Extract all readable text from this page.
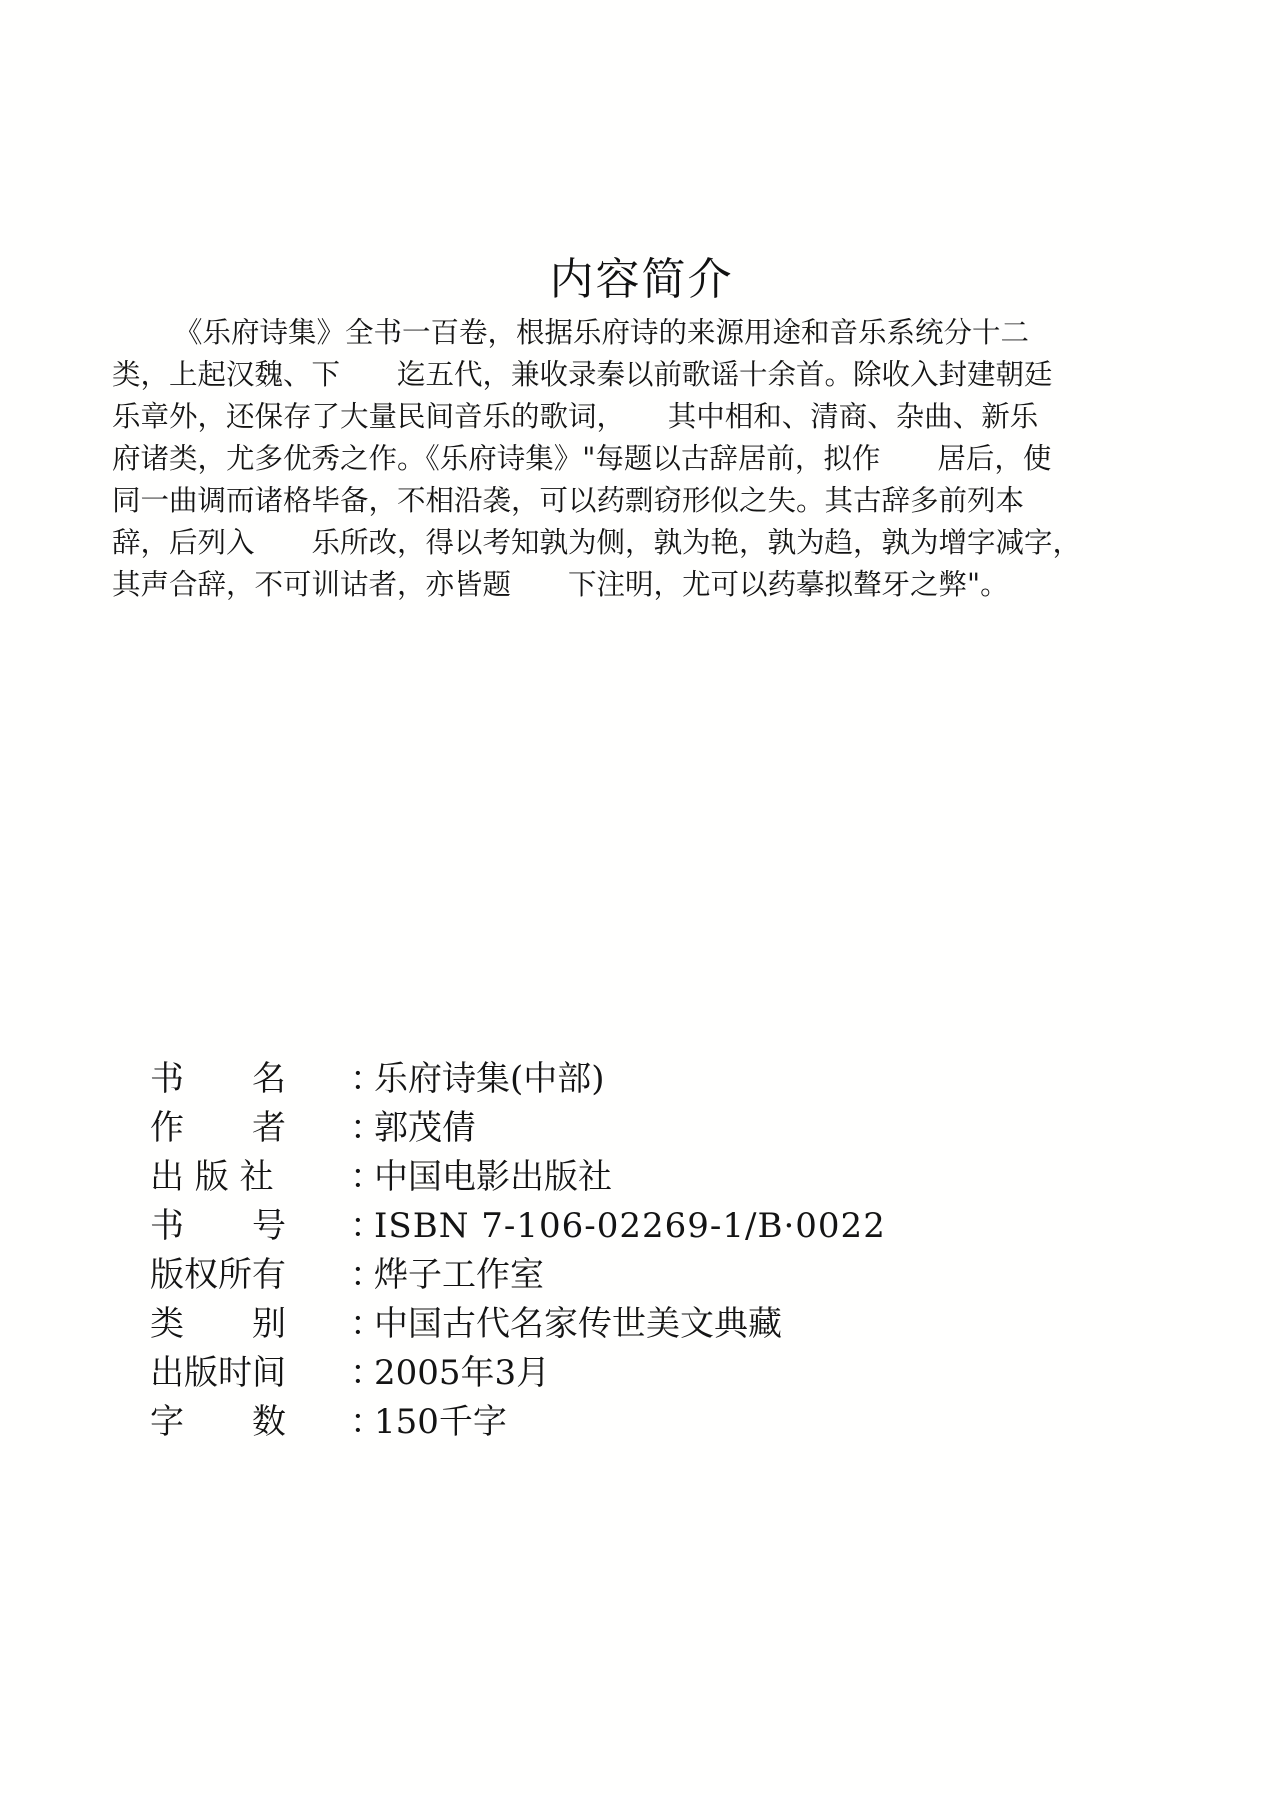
内容简介
《乐府诗集》全书一百卷，根据乐府诗的来源用途和音乐系统分十二
类，上起汉魏、下　　迄五代，兼收录秦以前歌谣十余首。除收入封建朝廷
乐章外，还保存了大量民间音乐的歌词，　　其中相和、清商、杂曲、新乐
府诸类，尤多优秀之作。《乐府诗集》"每题以古辞居前，拟作　　居后，使
同一曲调而诸格毕备，不相沿袭，可以药剽窃形似之失。其古辞多前列本
辞，后列入　　乐所改，得以考知孰为侧，孰为艳，孰为趋，孰为增字减字，
其声合辞，不可训诂者，亦皆题　　下注明，尤可以药摹拟聱牙之弊"。
书　　名	：
乐府诗集(中部)
作　　者	：
郭茂倩
出 版 社	：
中国电影出版社
书　　号	：
ISBN 7-106-02269-1/B·0022
版权所有	：
烨子工作室
类　　别	：
中国古代名家传世美文典藏
出版时间	：
2005年3月
字　　数	：
150千字
